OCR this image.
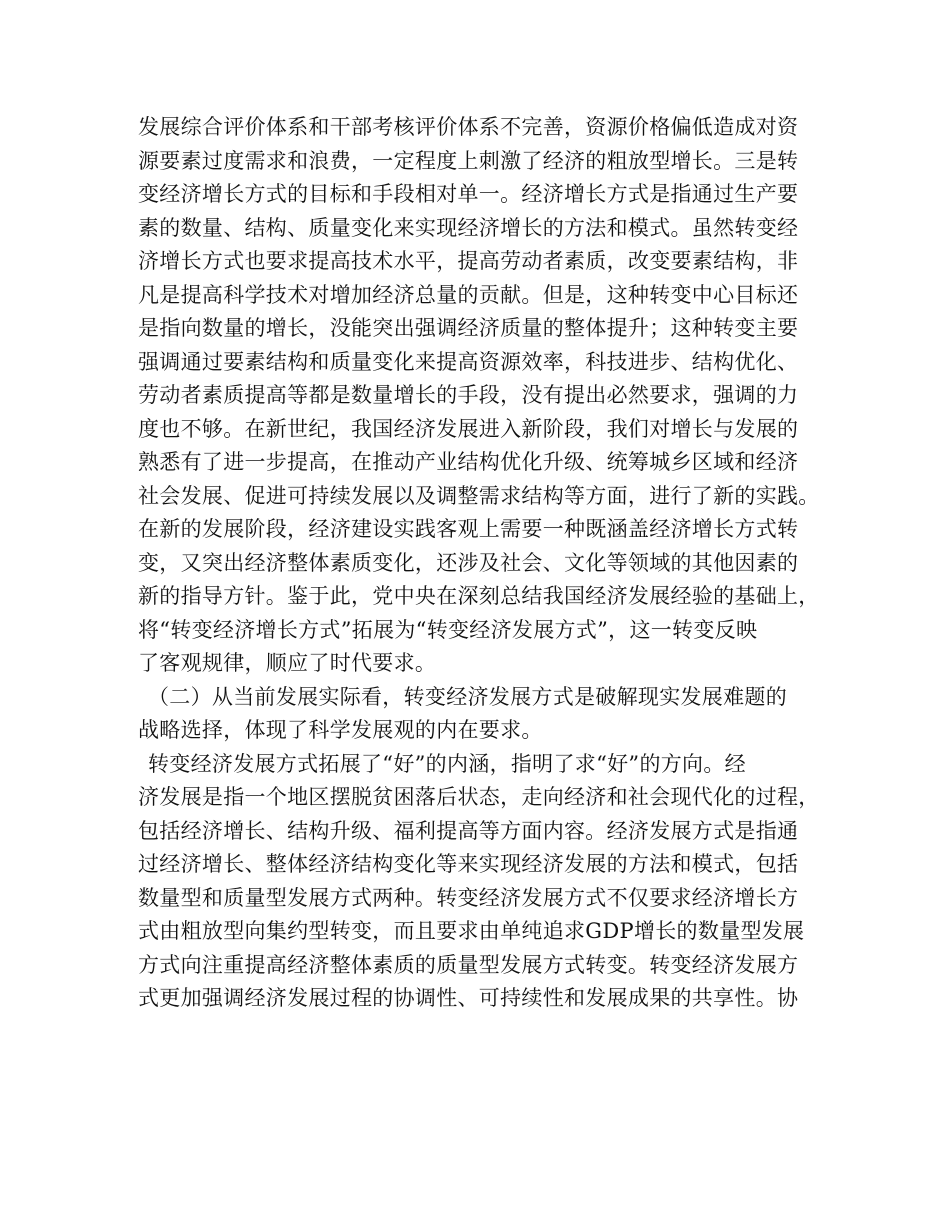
发展综合评价体系和干部考核评价体系不完善，资源价格偏低造成对资
源要素过度需求和浪费，一定程度上刺激了经济的粗放型增长。三是转
变经济增长方式的目标和手段相对单一。经济增长方式是指通过生产要
素的数量、结构、质量变化来实现经济增长的方法和模式。虽然转变经
济增长方式也要求提高技术水平，提高劳动者素质，改变要素结构，非
凡是提高科学技术对增加经济总量的贡献。但是，这种转变中心目标还
是指向数量的增长，没能突出强调经济质量的整体提升；这种转变主要
强调通过要素结构和质量变化来提高资源效率，科技进步、结构优化、
劳动者素质提高等都是数量增长的手段，没有提出必然要求，强调的力
度也不够。在新世纪，我国经济发展进入新阶段，我们对增长与发展的
熟悉有了进一步提高，在推动产业结构优化升级、统筹城乡区域和经济
社会发展、促进可持续发展以及调整需求结构等方面，进行了新的实践。
在新的发展阶段，经济建设实践客观上需要一种既涵盖经济增长方式转
变，又突出经济整体素质变化，还涉及社会、文化等领域的其他因素的
新的指导方针。鉴于此，党中央在深刻总结我国经济发展经验的基础上，
将“转变经济增长方式”拓展为“转变经济发展方式”，这一转变反映
了客观规律，顺应了时代要求。
（二）从当前发展实际看，转变经济发展方式是破解现实发展难题的
战略选择，体现了科学发展观的内在要求。
转变经济发展方式拓展了“好”的内涵，指明了求“好”的方向。经
济发展是指一个地区摆脱贫困落后状态，走向经济和社会现代化的过程，
包括经济增长、结构升级、福利提高等方面内容。经济发展方式是指通
过经济增长、整体经济结构变化等来实现经济发展的方法和模式，包括
数量型和质量型发展方式两种。转变经济发展方式不仅要求经济增长方
式由粗放型向集约型转变，而且要求由单纯追求GDP增长的数量型发展
方式向注重提高经济整体素质的质量型发展方式转变。转变经济发展方
式更加强调经济发展过程的协调性、可持续性和发展成果的共享性。协
